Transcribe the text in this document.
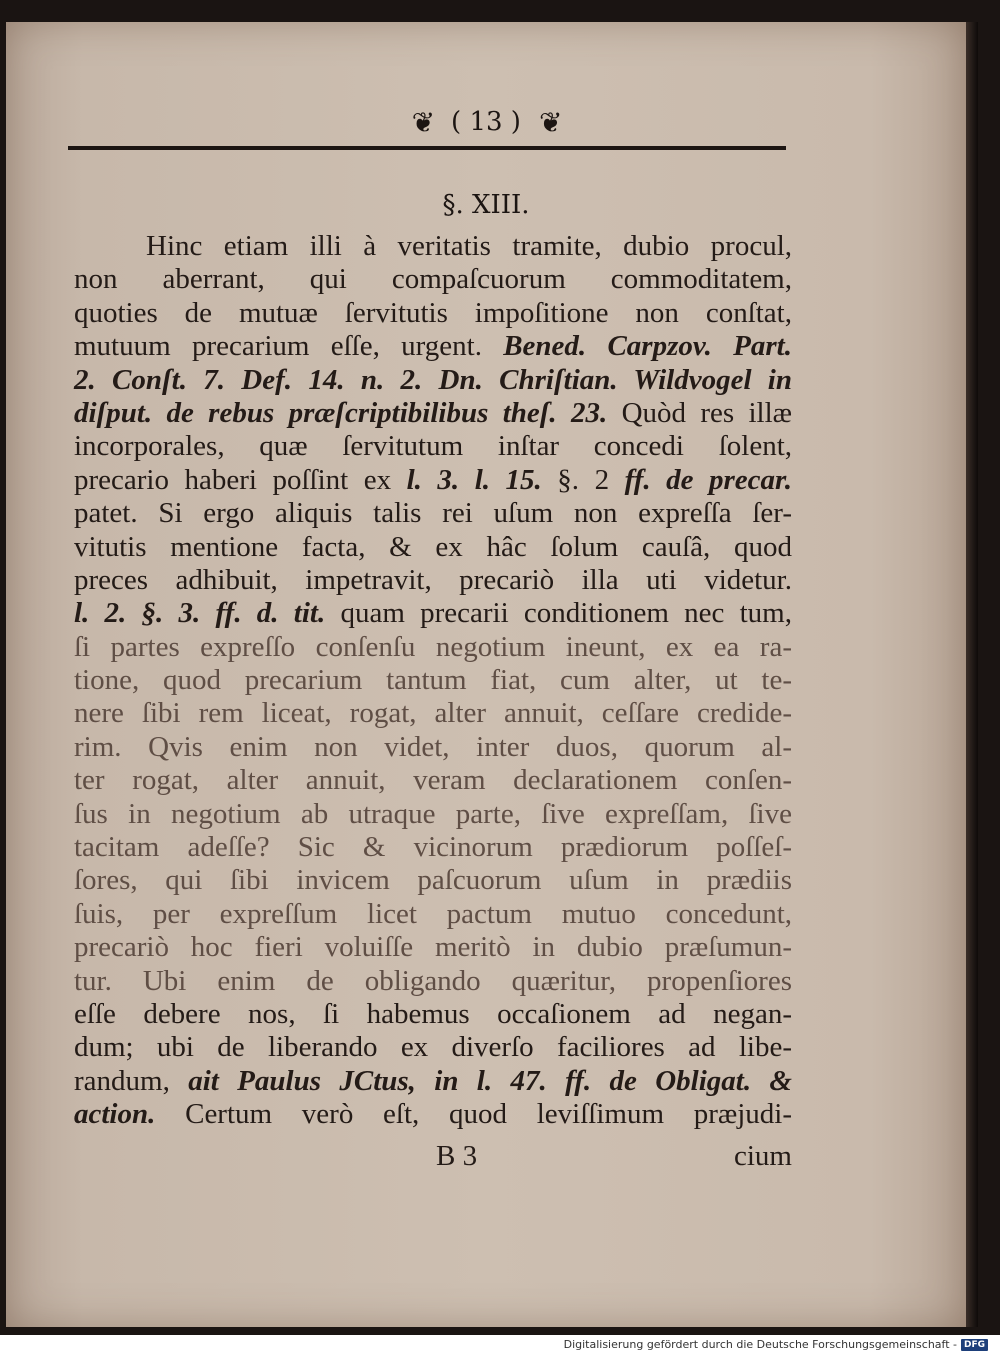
❦ ( 13 ) ❦
§. XIII.
Hinc etiam illi à veritatis tramite, dubio procul,
non aberrant, qui compaſcuorum commoditatem,
quoties de mutuæ ſervitutis impoſitione non conſtat,
mutuum precarium eſſe, urgent. Bened. Carpzov. Part.
2. Conſt. 7. Def. 14. n. 2. Dn. Chriſtian. Wildvogel in
diſput. de rebus præſcriptibilibus theſ. 23. Quòd res illæ
incorporales, quæ ſervitutum inſtar concedi ſolent,
precario haberi poſſint ex l. 3. l. 15. §. 2 ff. de precar.
patet. Si ergo aliquis talis rei uſum non expreſſa ſer-
vitutis mentione facta, & ex hâc ſolum cauſâ, quod
preces adhibuit, impetravit, precariò illa uti videtur.
l. 2. §. 3. ff. d. tit. quam precarii conditionem nec tum,
ſi partes expreſſo conſenſu negotium ineunt, ex ea ra-
tione, quod precarium tantum fiat, cum alter, ut te-
nere ſibi rem liceat, rogat, alter annuit, ceſſare credide-
rim. Qvis enim non videt, inter duos, quorum al-
ter rogat, alter annuit, veram declarationem conſen-
ſus in negotium ab utraque parte, ſive expreſſam, ſive
tacitam adeſſe? Sic & vicinorum prædiorum poſſeſ-
ſores, qui ſibi invicem paſcuorum uſum in prædiis
ſuis, per expreſſum licet pactum mutuo concedunt,
precariò hoc fieri voluiſſe meritò in dubio præſumun-
tur. Ubi enim de obligando quæritur, propenſiores
eſſe debere nos, ſi habemus occaſionem ad negan-
dum; ubi de liberando ex diverſo faciliores ad libe-
randum, ait Paulus JCtus, in l. 47. ff. de Obligat. &
action. Certum verò eſt, quod leviſſimum præjudi-
B 3	cium
Digitalisierung gefördert durch die Deutsche Forschungsgemeinschaft - DFG
